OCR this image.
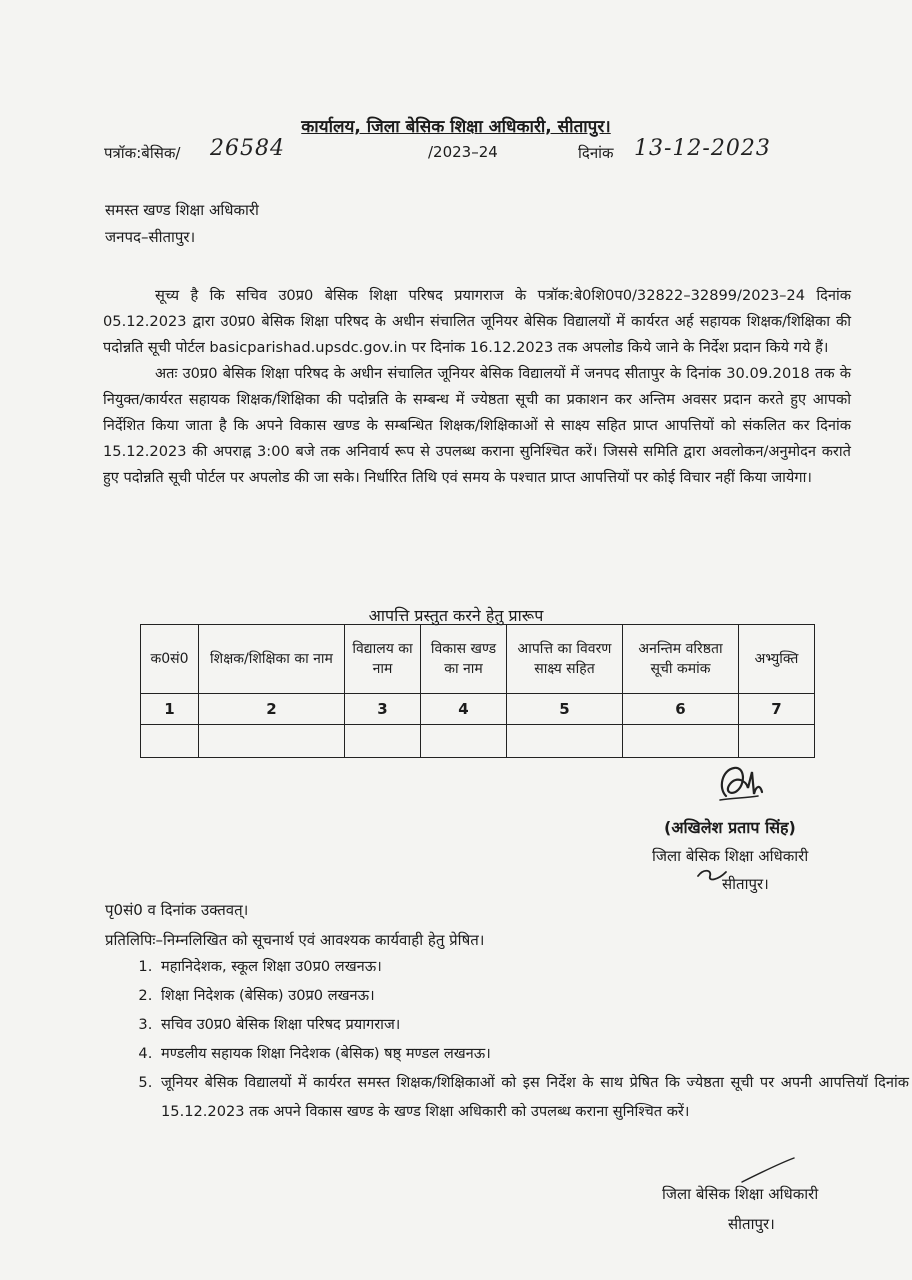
कार्यालय, जिला बेसिक शिक्षा अधिकारी, सीतापुर।
पत्रॉक:बेसिक/ 26584	/2023–24	दिनांक 13-12-2023
समस्त खण्ड शिक्षा अधिकारी
जनपद–सीतापुर।

सूच्य है कि सचिव उ0प्र0 बेसिक शिक्षा परिषद प्रयागराज के पत्रॉक:बे0शि0प0/32822–32899/2023–24 दिनांक 05.12.2023 द्वारा उ0प्र0 बेसिक शिक्षा परिषद के अधीन संचालित जूनियर बेसिक विद्यालयों में कार्यरत अर्ह सहायक शिक्षक/शिक्षिका की पदोन्नति सूची पोर्टल basicparishad.upsdc.gov.in पर दिनांक 16.12.2023 तक अपलोड किये जाने के निर्देश प्रदान किये गये हैं।

अतः उ0प्र0 बेसिक शिक्षा परिषद के अधीन संचालित जूनियर बेसिक विद्यालयों में जनपद सीतापुर के दिनांक 30.09.2018 तक के नियुक्त/कार्यरत सहायक शिक्षक/शिक्षिका की पदोन्नति के सम्बन्ध में ज्येष्ठता सूची का प्रकाशन कर अन्तिम अवसर प्रदान करते हुए आपको निर्देशित किया जाता है कि अपने विकास खण्ड के सम्बन्धित शिक्षक/शिक्षिकाओं से साक्ष्य सहित प्राप्त आपत्तियों को संकलित कर दिनांक 15.12.2023 की अपराह्न 3:00 बजे तक अनिवार्य रूप से उपलब्ध कराना सुनिश्चित करें। जिससे समिति द्वारा अवलोकन/अनुमोदन कराते हुए पदोन्नति सूची पोर्टल पर अपलोड की जा सके। निर्धारित तिथि एवं समय के पश्चात प्राप्त आपत्तियों पर कोई विचार नहीं किया जायेगा।

आपत्ति प्रस्तुत करने हेतु प्रारूप
क0सं0	शिक्षक/शिक्षिका का नाम	विद्यालय का नाम	विकास खण्ड का नाम	आपत्ति का विवरण साक्ष्य सहित	अनन्तिम वरिष्ठता सूची कमांक	अभ्युक्ति
1	2	3	4	5	6	7

(अखिलेश प्रताप सिंह)
जिला बेसिक शिक्षा अधिकारी
सीतापुर।
पृ0सं0 व दिनांक उक्तवत्।
प्रतिलिपिः–निम्नलिखित को सूचनार्थ एवं आवश्यक कार्यवाही हेतु प्रेषित।
1. महानिदेशक, स्कूल शिक्षा उ0प्र0 लखनऊ।
2. शिक्षा निदेशक (बेसिक) उ0प्र0 लखनऊ।
3. सचिव उ0प्र0 बेसिक शिक्षा परिषद प्रयागराज।
4. मण्डलीय सहायक शिक्षा निदेशक (बेसिक) षष्ठ् मण्डल लखनऊ।
5. जूनियर बेसिक विद्यालयों में कार्यरत समस्त शिक्षक/शिक्षिकाओं को इस निर्देश के साथ प्रेषित कि ज्येष्ठता सूची पर अपनी आपत्तियॉ दिनांक 15.12.2023 तक अपने विकास खण्ड के खण्ड शिक्षा अधिकारी को उपलब्ध कराना सुनिश्चित करें।
जिला बेसिक शिक्षा अधिकारी
सीतापुर।
